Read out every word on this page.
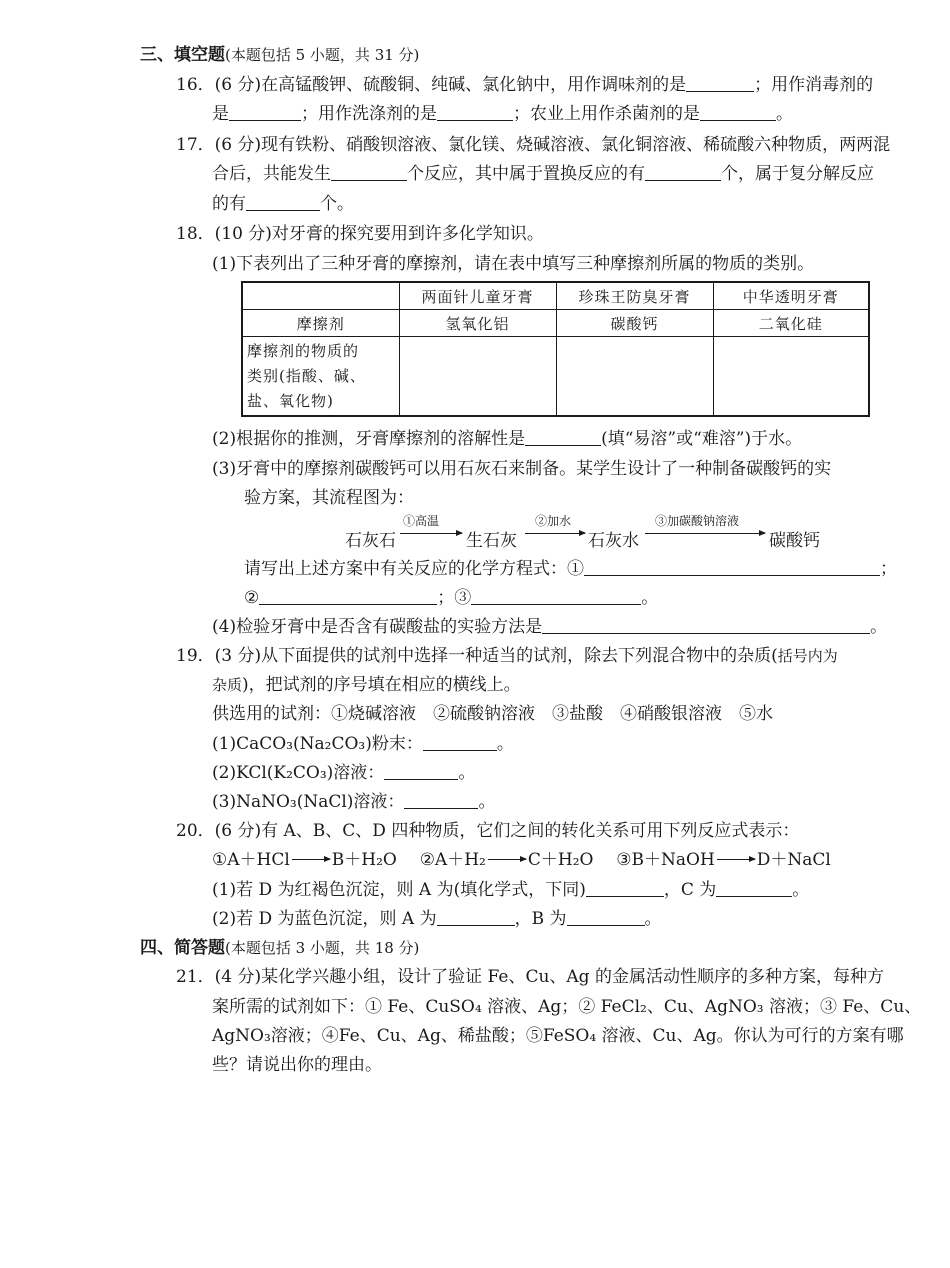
三、填空题(本题包括 5 小题，共 31 分)
16．(6 分)在高锰酸钾、硫酸铜、纯碱、氯化钠中，用作调味剂的是	；用作消毒剂的
是	；用作洗涤剂的是	；农业上用作杀菌剂的是	。
17．(6 分)现有铁粉、硝酸钡溶液、氯化镁、烧碱溶液、氯化铜溶液、稀硫酸六种物质，两两混
合后，共能发生	个反应，其中属于置换反应的有	个，属于复分解反应
的有	个。
18．(10 分)对牙膏的探究要用到许多化学知识。
(1)下表列出了三种牙膏的摩擦剂，请在表中填写三种摩擦剂所属的物质的类别。
	两面针儿童牙膏	珍珠王防臭牙膏	中华透明牙膏
摩擦剂	氢氧化铝	碳酸钙	二氧化硅

摩擦剂的物质的
类别(指酸、碱、
盐、氧化物)			

(2)根据你的推测，牙膏摩擦剂的溶解性是	(填“易溶”或“难溶”)于水。
(3)牙膏中的摩擦剂碳酸钙可以用石灰石来制备。某学生设计了一种制备碳酸钙的实
验方案，其流程图为：
石灰石
①高温
生石灰
②加水
石灰水
③加碳酸钠溶液
碳酸钙
请写出上述方案中有关反应的化学方程式：①	；
②	；③	。
(4)检验牙膏中是否含有碳酸盐的实验方法是	。
19．(3 分)从下面提供的试剂中选择一种适当的试剂，除去下列混合物中的杂质(括号内为
杂质)，把试剂的序号填在相应的横线上。
供选用的试剂：①烧碱溶液　②硫酸钠溶液　③盐酸　④硝酸银溶液　⑤水
(1)CaCO₃(Na₂CO₃)粉末：	。
(2)KCl(K₂CO₃)溶液：	。
(3)NaNO₃(NaCl)溶液：	。
20．(6 分)有 A、B、C、D 四种物质，它们之间的转化关系可用下列反应式表示：
①A＋HCl B＋H₂O ②A＋H₂ C＋H₂O ③B＋NaOH D＋NaCl
(1)若 D 为红褐色沉淀，则 A 为(填化学式，下同)	，C 为	。
(2)若 D 为蓝色沉淀，则 A 为	，B 为	。
四、简答题(本题包括 3 小题，共 18 分)
21．(4 分)某化学兴趣小组，设计了验证 Fe、Cu、Ag 的金属活动性顺序的多种方案，每种方
案所需的试剂如下：① Fe、CuSO₄ 溶液、Ag；② FeCl₂、Cu、AgNO₃ 溶液；③ Fe、Cu、
AgNO₃溶液；④Fe、Cu、Ag、稀盐酸；⑤FeSO₄ 溶液、Cu、Ag。你认为可行的方案有哪
些？请说出你的理由。
